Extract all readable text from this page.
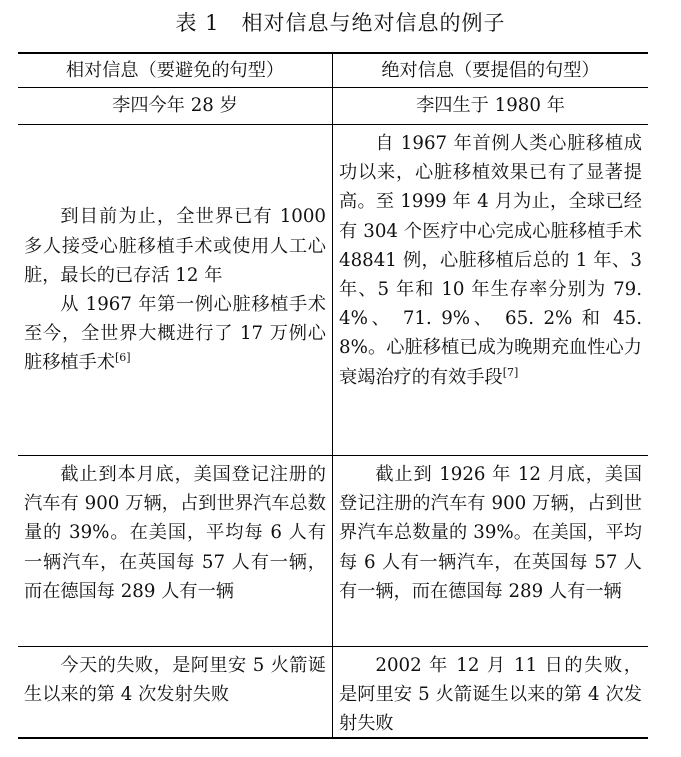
表 1　相对信息与绝对信息的例子
相对信息（要避免的句型）	绝对信息（要提倡的句型）
李四今年 28 岁	李四生于 1980 年
到目前为止，全世界已有 1000 多人接受心脏移植手术或使用人工心脏，最长的已存活 12 年
从 1967 年第一例心脏移植手术至今，全世界大概进行了 17 万例心脏移植手术[6]
自 1967 年首例人类心脏移植成功以来，心脏移植效果已有了显著提高。至 1999 年 4 月为止，全球已经有 304 个医疗中心完成心脏移植手术 48841 例，心脏移植后总的 1 年、3 年、5 年和 10 年生存率分别为 79. 4%、 71. 9%、 65. 2% 和 45. 8%。心脏移植已成为晚期充血性心力衰竭治疗的有效手段[7]
截止到本月底，美国登记注册的汽车有 900 万辆，占到世界汽车总数量的 39%。在美国，平均每 6 人有一辆汽车，在英国每 57 人有一辆，而在德国每 289 人有一辆
截止到 1926 年 12 月底，美国登记注册的汽车有 900 万辆，占到世界汽车总数量的 39%。在美国，平均每 6 人有一辆汽车，在英国每 57 人有一辆，而在德国每 289 人有一辆
今天的失败，是阿里安 5 火箭诞生以来的第 4 次发射失败
2002 年 12 月 11 日的失败，是阿里安 5 火箭诞生以来的第 4 次发射失败
